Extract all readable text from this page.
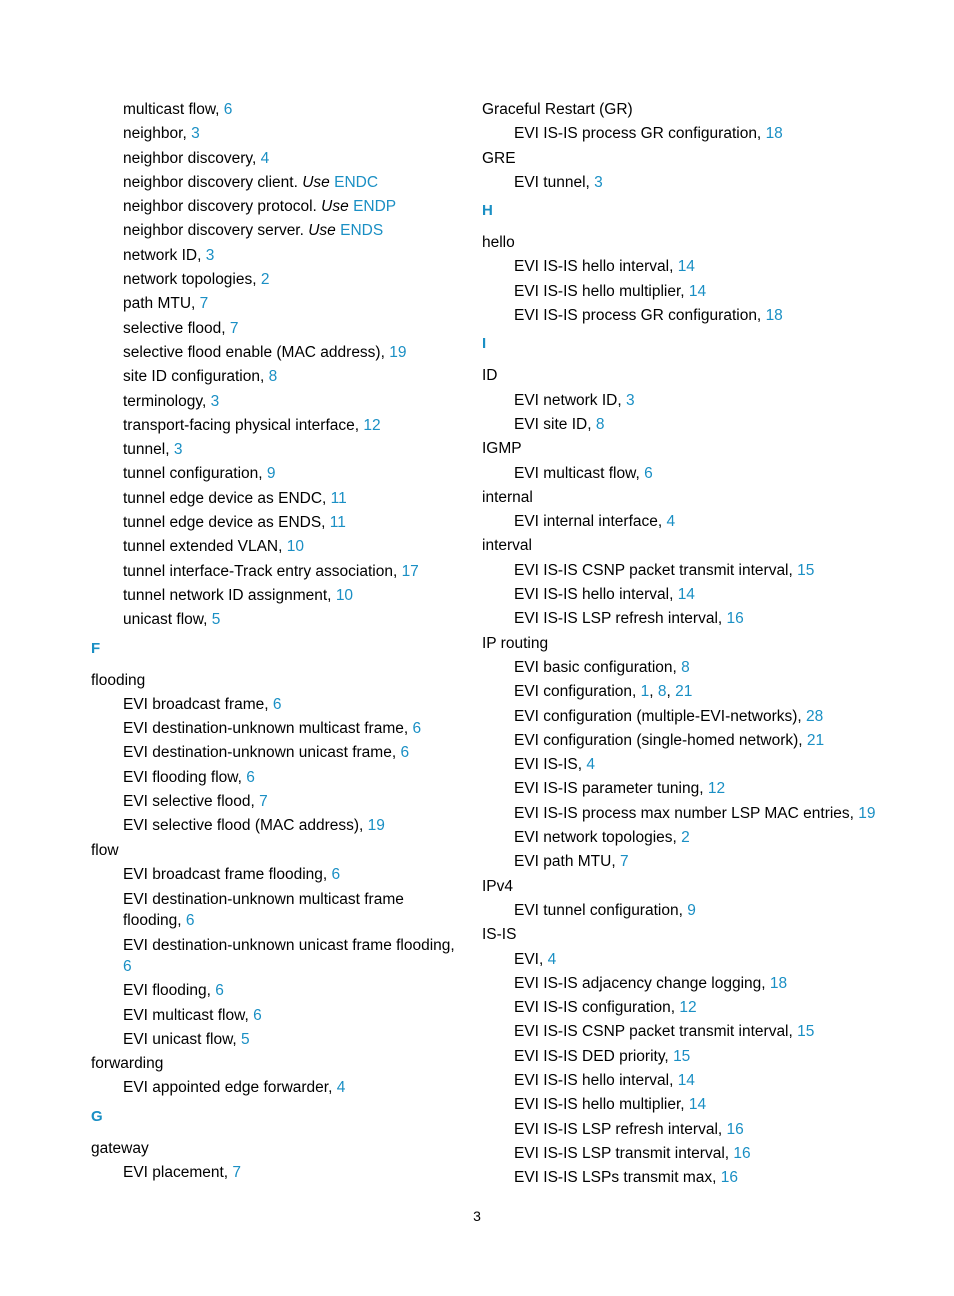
multicast flow, 6
neighbor, 3
neighbor discovery, 4
neighbor discovery client. Use ENDC
neighbor discovery protocol. Use ENDP
neighbor discovery server. Use ENDS
network ID, 3
network topologies, 2
path MTU, 7
selective flood, 7
selective flood enable (MAC address), 19
site ID configuration, 8
terminology, 3
transport-facing physical interface, 12
tunnel, 3
tunnel configuration, 9
tunnel edge device as ENDC, 11
tunnel edge device as ENDS, 11
tunnel extended VLAN, 10
tunnel interface-Track entry association, 17
tunnel network ID assignment, 10
unicast flow, 5
F
flooding
EVI broadcast frame, 6
EVI destination-unknown multicast frame, 6
EVI destination-unknown unicast frame, 6
EVI flooding flow, 6
EVI selective flood, 7
EVI selective flood (MAC address), 19
flow
EVI broadcast frame flooding, 6
EVI destination-unknown multicast frame flooding, 6
EVI destination-unknown unicast frame flooding, 6
EVI flooding, 6
EVI multicast flow, 6
EVI unicast flow, 5
forwarding
EVI appointed edge forwarder, 4
G
gateway
EVI placement, 7
Graceful Restart (GR)
EVI IS-IS process GR configuration, 18
GRE
EVI tunnel, 3
H
hello
EVI IS-IS hello interval, 14
EVI IS-IS hello multiplier, 14
EVI IS-IS process GR configuration, 18
I
ID
EVI network ID, 3
EVI site ID, 8
IGMP
EVI multicast flow, 6
internal
EVI internal interface, 4
interval
EVI IS-IS CSNP packet transmit interval, 15
EVI IS-IS hello interval, 14
EVI IS-IS LSP refresh interval, 16
IP routing
EVI basic configuration, 8
EVI configuration, 1, 8, 21
EVI configuration (multiple-EVI-networks), 28
EVI configuration (single-homed network), 21
EVI IS-IS, 4
EVI IS-IS parameter tuning, 12
EVI IS-IS process max number LSP MAC entries, 19
EVI network topologies, 2
EVI path MTU, 7
IPv4
EVI tunnel configuration, 9
IS-IS
EVI, 4
EVI IS-IS adjacency change logging, 18
EVI IS-IS configuration, 12
EVI IS-IS CSNP packet transmit interval, 15
EVI IS-IS DED priority, 15
EVI IS-IS hello interval, 14
EVI IS-IS hello multiplier, 14
EVI IS-IS LSP refresh interval, 16
EVI IS-IS LSP transmit interval, 16
EVI IS-IS LSPs transmit max, 16
3
